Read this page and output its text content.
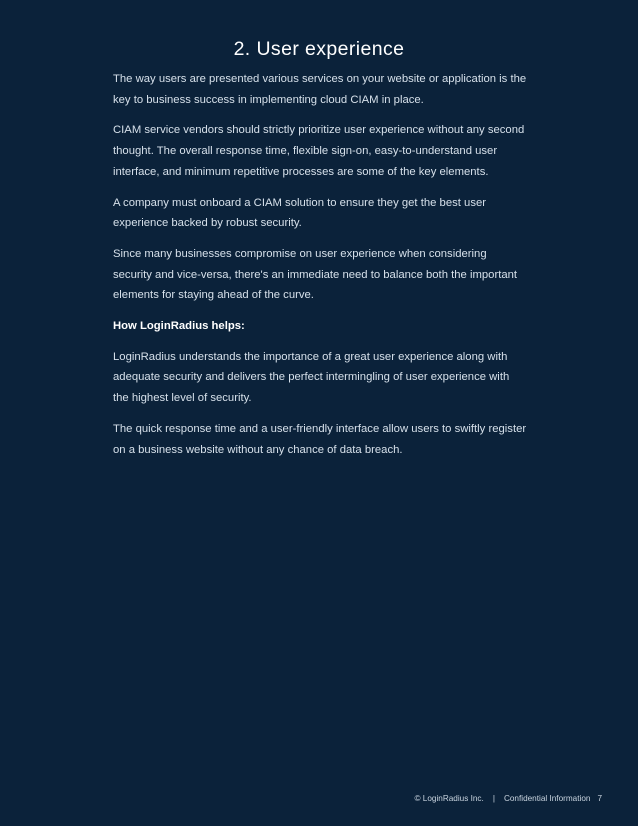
2. User experience

The way users are presented various services on your website or application is the key to business success in implementing cloud CIAM in place.

CIAM service vendors should strictly prioritize user experience without any second thought. The overall response time, flexible sign-on, easy-to-understand user interface, and minimum repetitive processes are some of the key elements.

A company must onboard a CIAM solution to ensure they get the best user experience backed by robust security.

Since many businesses compromise on user experience when considering security and vice-versa, there's an immediate need to balance both the important elements for staying ahead of the curve.

How LoginRadius helps:

LoginRadius understands the importance of a great user experience along with adequate security and delivers the perfect intermingling of user experience with the highest level of security.

The quick response time and a user-friendly interface allow users to swiftly register on a business website without any chance of data breach.

© LoginRadius Inc. | Confidential Information 7
